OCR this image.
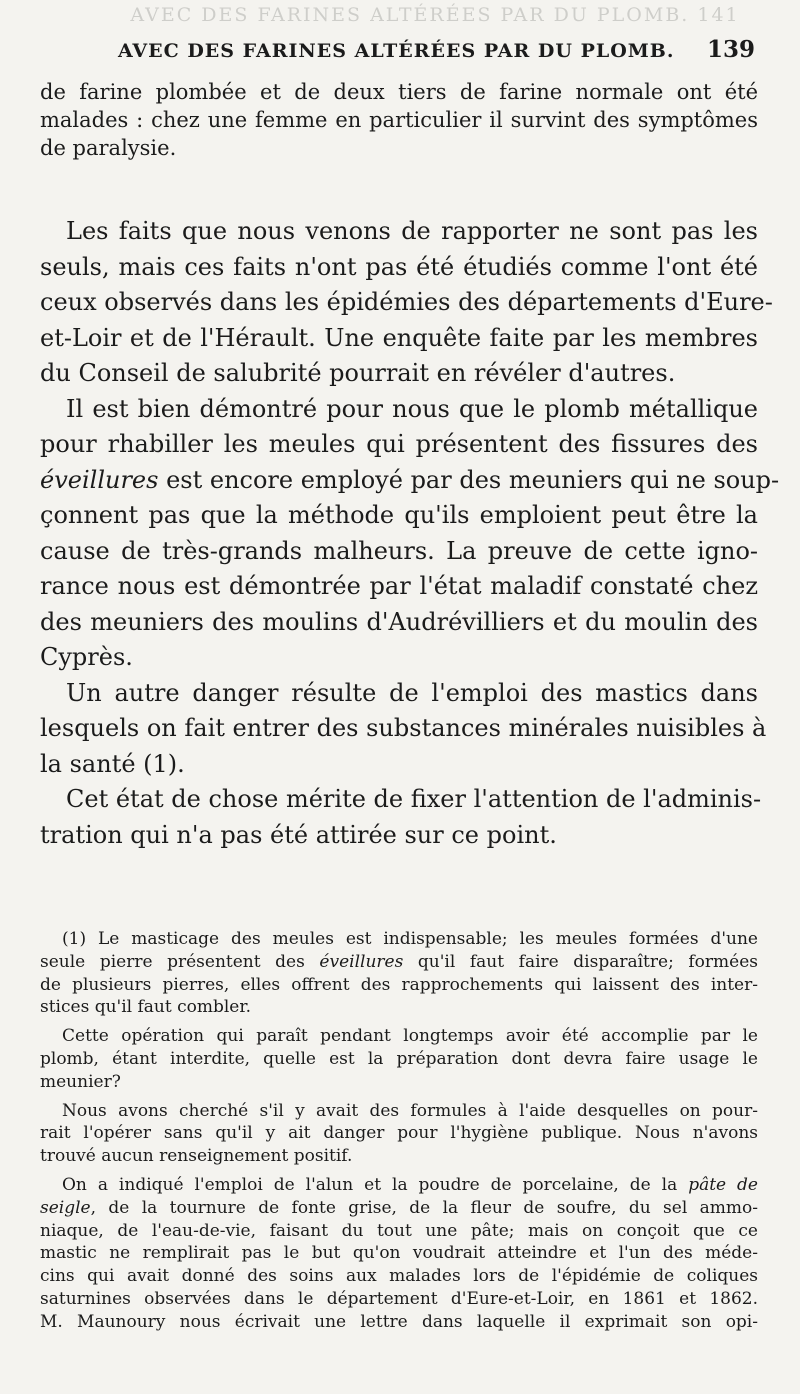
AVEC DES FARINES ALTÉRÉES PAR DU PLOMB. 141
AVEC DES FARINES ALTÉRÉES PAR DU PLOMB. 139
de farine plombée et de deux tiers de farine normale ont été
malades : chez une femme en particulier il survint des symptômes
de paralysie.

Les faits que nous venons de rapporter ne sont pas les
seuls, mais ces faits n'ont pas été étudiés comme l'ont été
ceux observés dans les épidémies des départements d'Eure-
et-Loir et de l'Hérault. Une enquête faite par les membres
du Conseil de salubrité pourrait en révéler d'autres.

Il est bien démontré pour nous que le plomb métallique
pour rhabiller les meules qui présentent des fissures des
éveillures est encore employé par des meuniers qui ne soup-
çonnent pas que la méthode qu'ils emploient peut être la
cause de très-grands malheurs. La preuve de cette igno-
rance nous est démontrée par l'état maladif constaté chez
des meuniers des moulins d'Audrévilliers et du moulin des
Cyprès.

Un autre danger résulte de l'emploi des mastics dans
lesquels on fait entrer des substances minérales nuisibles à
la santé (1).

Cet état de chose mérite de fixer l'attention de l'adminis-
tration qui n'a pas été attirée sur ce point.

(1) Le masticage des meules est indispensable; les meules formées d'une
seule pierre présentent des éveillures qu'il faut faire disparaître; formées
de plusieurs pierres, elles offrent des rapprochements qui laissent des inter-
stices qu'il faut combler.

Cette opération qui paraît pendant longtemps avoir été accomplie par le
plomb, étant interdite, quelle est la préparation dont devra faire usage le
meunier?

Nous avons cherché s'il y avait des formules à l'aide desquelles on pour-
rait l'opérer sans qu'il y ait danger pour l'hygiène publique. Nous n'avons
trouvé aucun renseignement positif.

On a indiqué l'emploi de l'alun et la poudre de porcelaine, de la pâte de
seigle, de la tournure de fonte grise, de la fleur de soufre, du sel ammo-
niaque, de l'eau-de-vie, faisant du tout une pâte; mais on conçoit que ce
mastic ne remplirait pas le but qu'on voudrait atteindre et l'un des méde-
cins qui avait donné des soins aux malades lors de l'épidémie de coliques
saturnines observées dans le département d'Eure-et-Loir, en 1861 et 1862.
M. Maunoury nous écrivait une lettre dans laquelle il exprimait son opi-
